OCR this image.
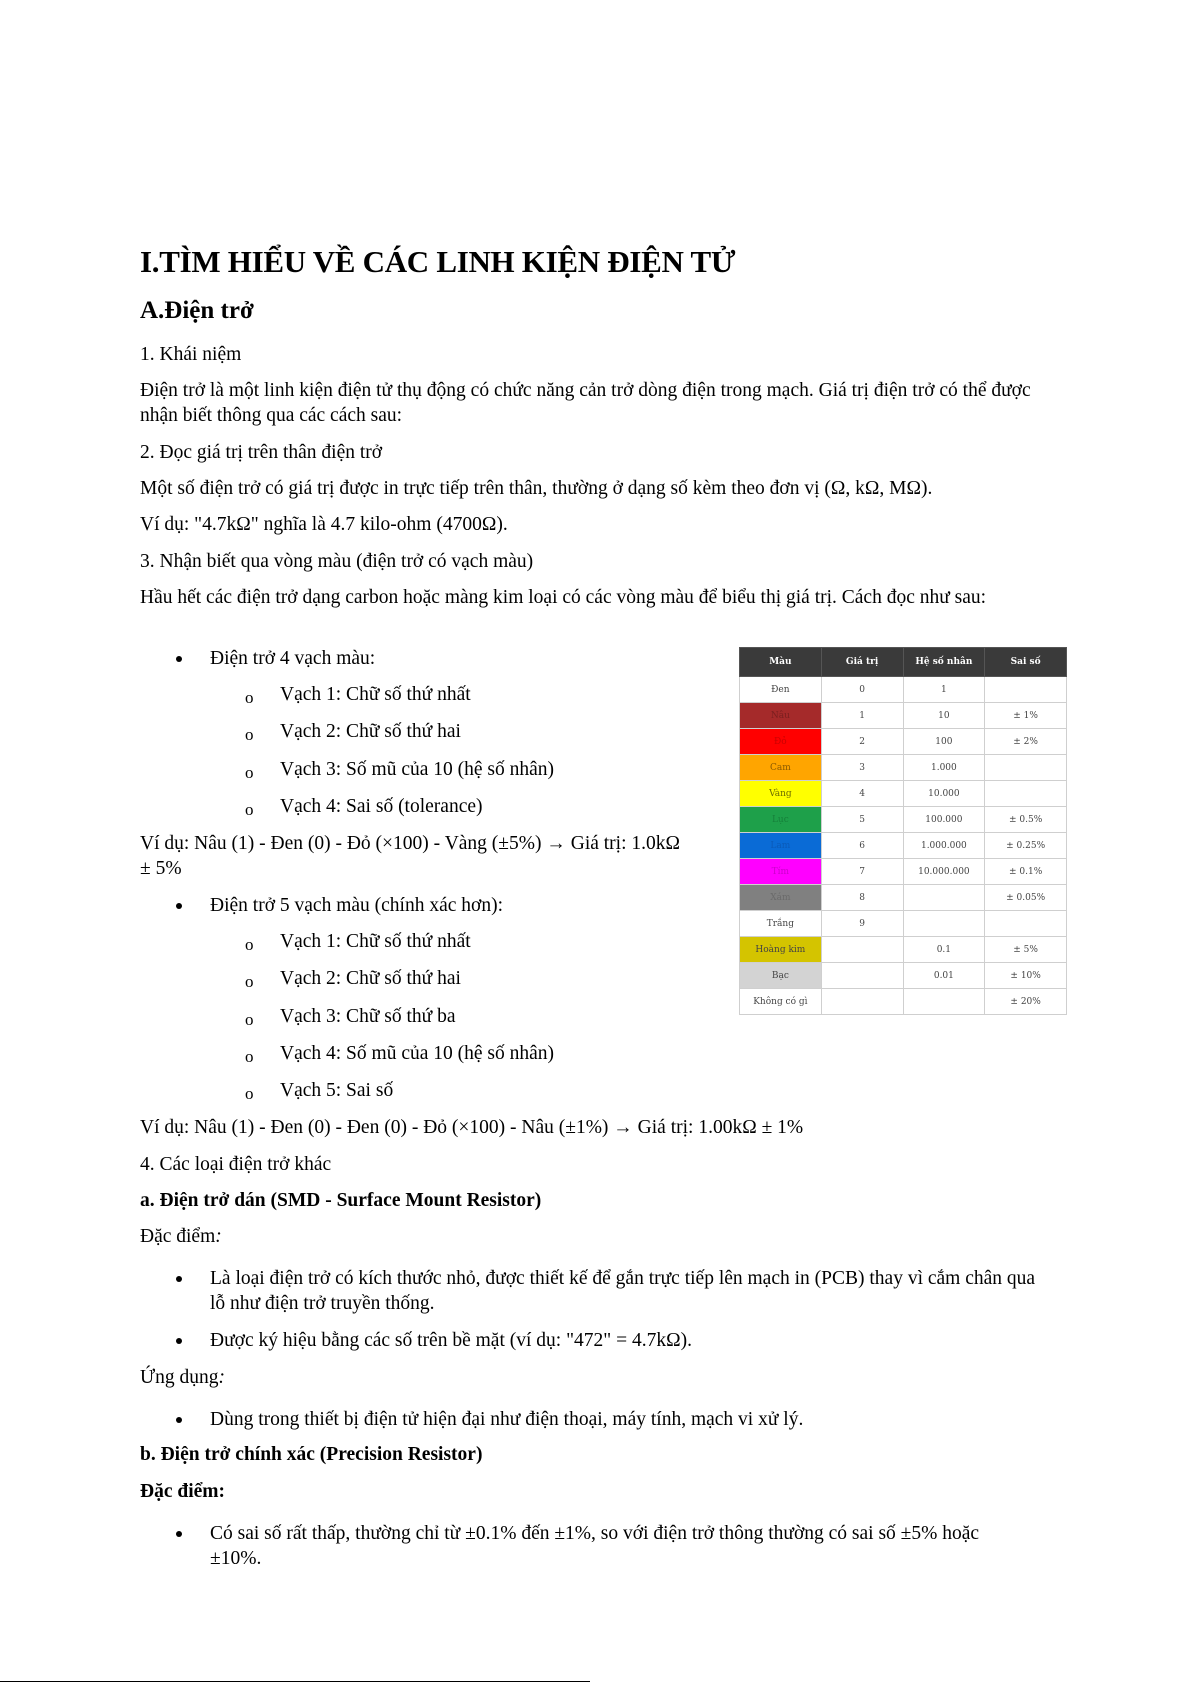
I.TÌM HIỂU VỀ CÁC LINH KIỆN ĐIỆN TỬ
A.Điện trở

1. Khái niệm

Điện trở là một linh kiện điện tử thụ động có chức năng cản trở dòng điện trong mạch. Giá trị điện trở có thể được nhận biết thông qua các cách sau:

2. Đọc giá trị trên thân điện trở

Một số điện trở có giá trị được in trực tiếp trên thân, thường ở dạng số kèm theo đơn vị (Ω, kΩ, MΩ).

Ví dụ: "4.7kΩ" nghĩa là 4.7 kilo-ohm (4700Ω).

3. Nhận biết qua vòng màu (điện trở có vạch màu)

Hầu hết các điện trở dạng carbon hoặc màng kim loại có các vòng màu để biểu thị giá trị. Cách đọc như sau:

Điện trở 4 vạch màu:
o Vạch 1: Chữ số thứ nhất
o Vạch 2: Chữ số thứ hai
o Vạch 3: Số mũ của 10 (hệ số nhân)
o Vạch 4: Sai số (tolerance)

Ví dụ: Nâu (1) - Đen (0) - Đỏ (×100) - Vàng (±5%) → Giá trị: 1.0kΩ ± 5%

Điện trở 5 vạch màu (chính xác hơn):
o Vạch 1: Chữ số thứ nhất
o Vạch 2: Chữ số thứ hai
o Vạch 3: Chữ số thứ ba
o Vạch 4: Số mũ của 10 (hệ số nhân)
o Vạch 5: Sai số

Ví dụ: Nâu (1) - Đen (0) - Đen (0) - Đỏ (×100) - Nâu (±1%) → Giá trị: 1.00kΩ ± 1%

4. Các loại điện trở khác

a. Điện trở dán (SMD - Surface Mount Resistor)

Đặc điểm:

Là loại điện trở có kích thước nhỏ, được thiết kế để gắn trực tiếp lên mạch in (PCB) thay vì cắm chân qua lỗ như điện trở truyền thống.
Được ký hiệu bằng các số trên bề mặt (ví dụ: "472" = 4.7kΩ).

Ứng dụng:

Dùng trong thiết bị điện tử hiện đại như điện thoại, máy tính, mạch vi xử lý.

b. Điện trở chính xác (Precision Resistor)

Đặc điểm:

Có sai số rất thấp, thường chỉ từ ±0.1% đến ±1%, so với điện trở thông thường có sai số ±5% hoặc ±10%.
Màu	Giá trị	Hệ số nhân	Sai số
Đen	0	1	
Nâu	1	10	± 1%
Đỏ	2	100	± 2%
Cam	3	1.000	
Vàng	4	10.000	
Lục	5	100.000	± 0.5%
Lam	6	1.000.000	± 0.25%
Tím	7	10.000.000	± 0.1%
Xám	8		± 0.05%
Trắng	9		
Hoàng kim		0.1	± 5%
Bạc		0.01	± 10%
Không có gì			± 20%
